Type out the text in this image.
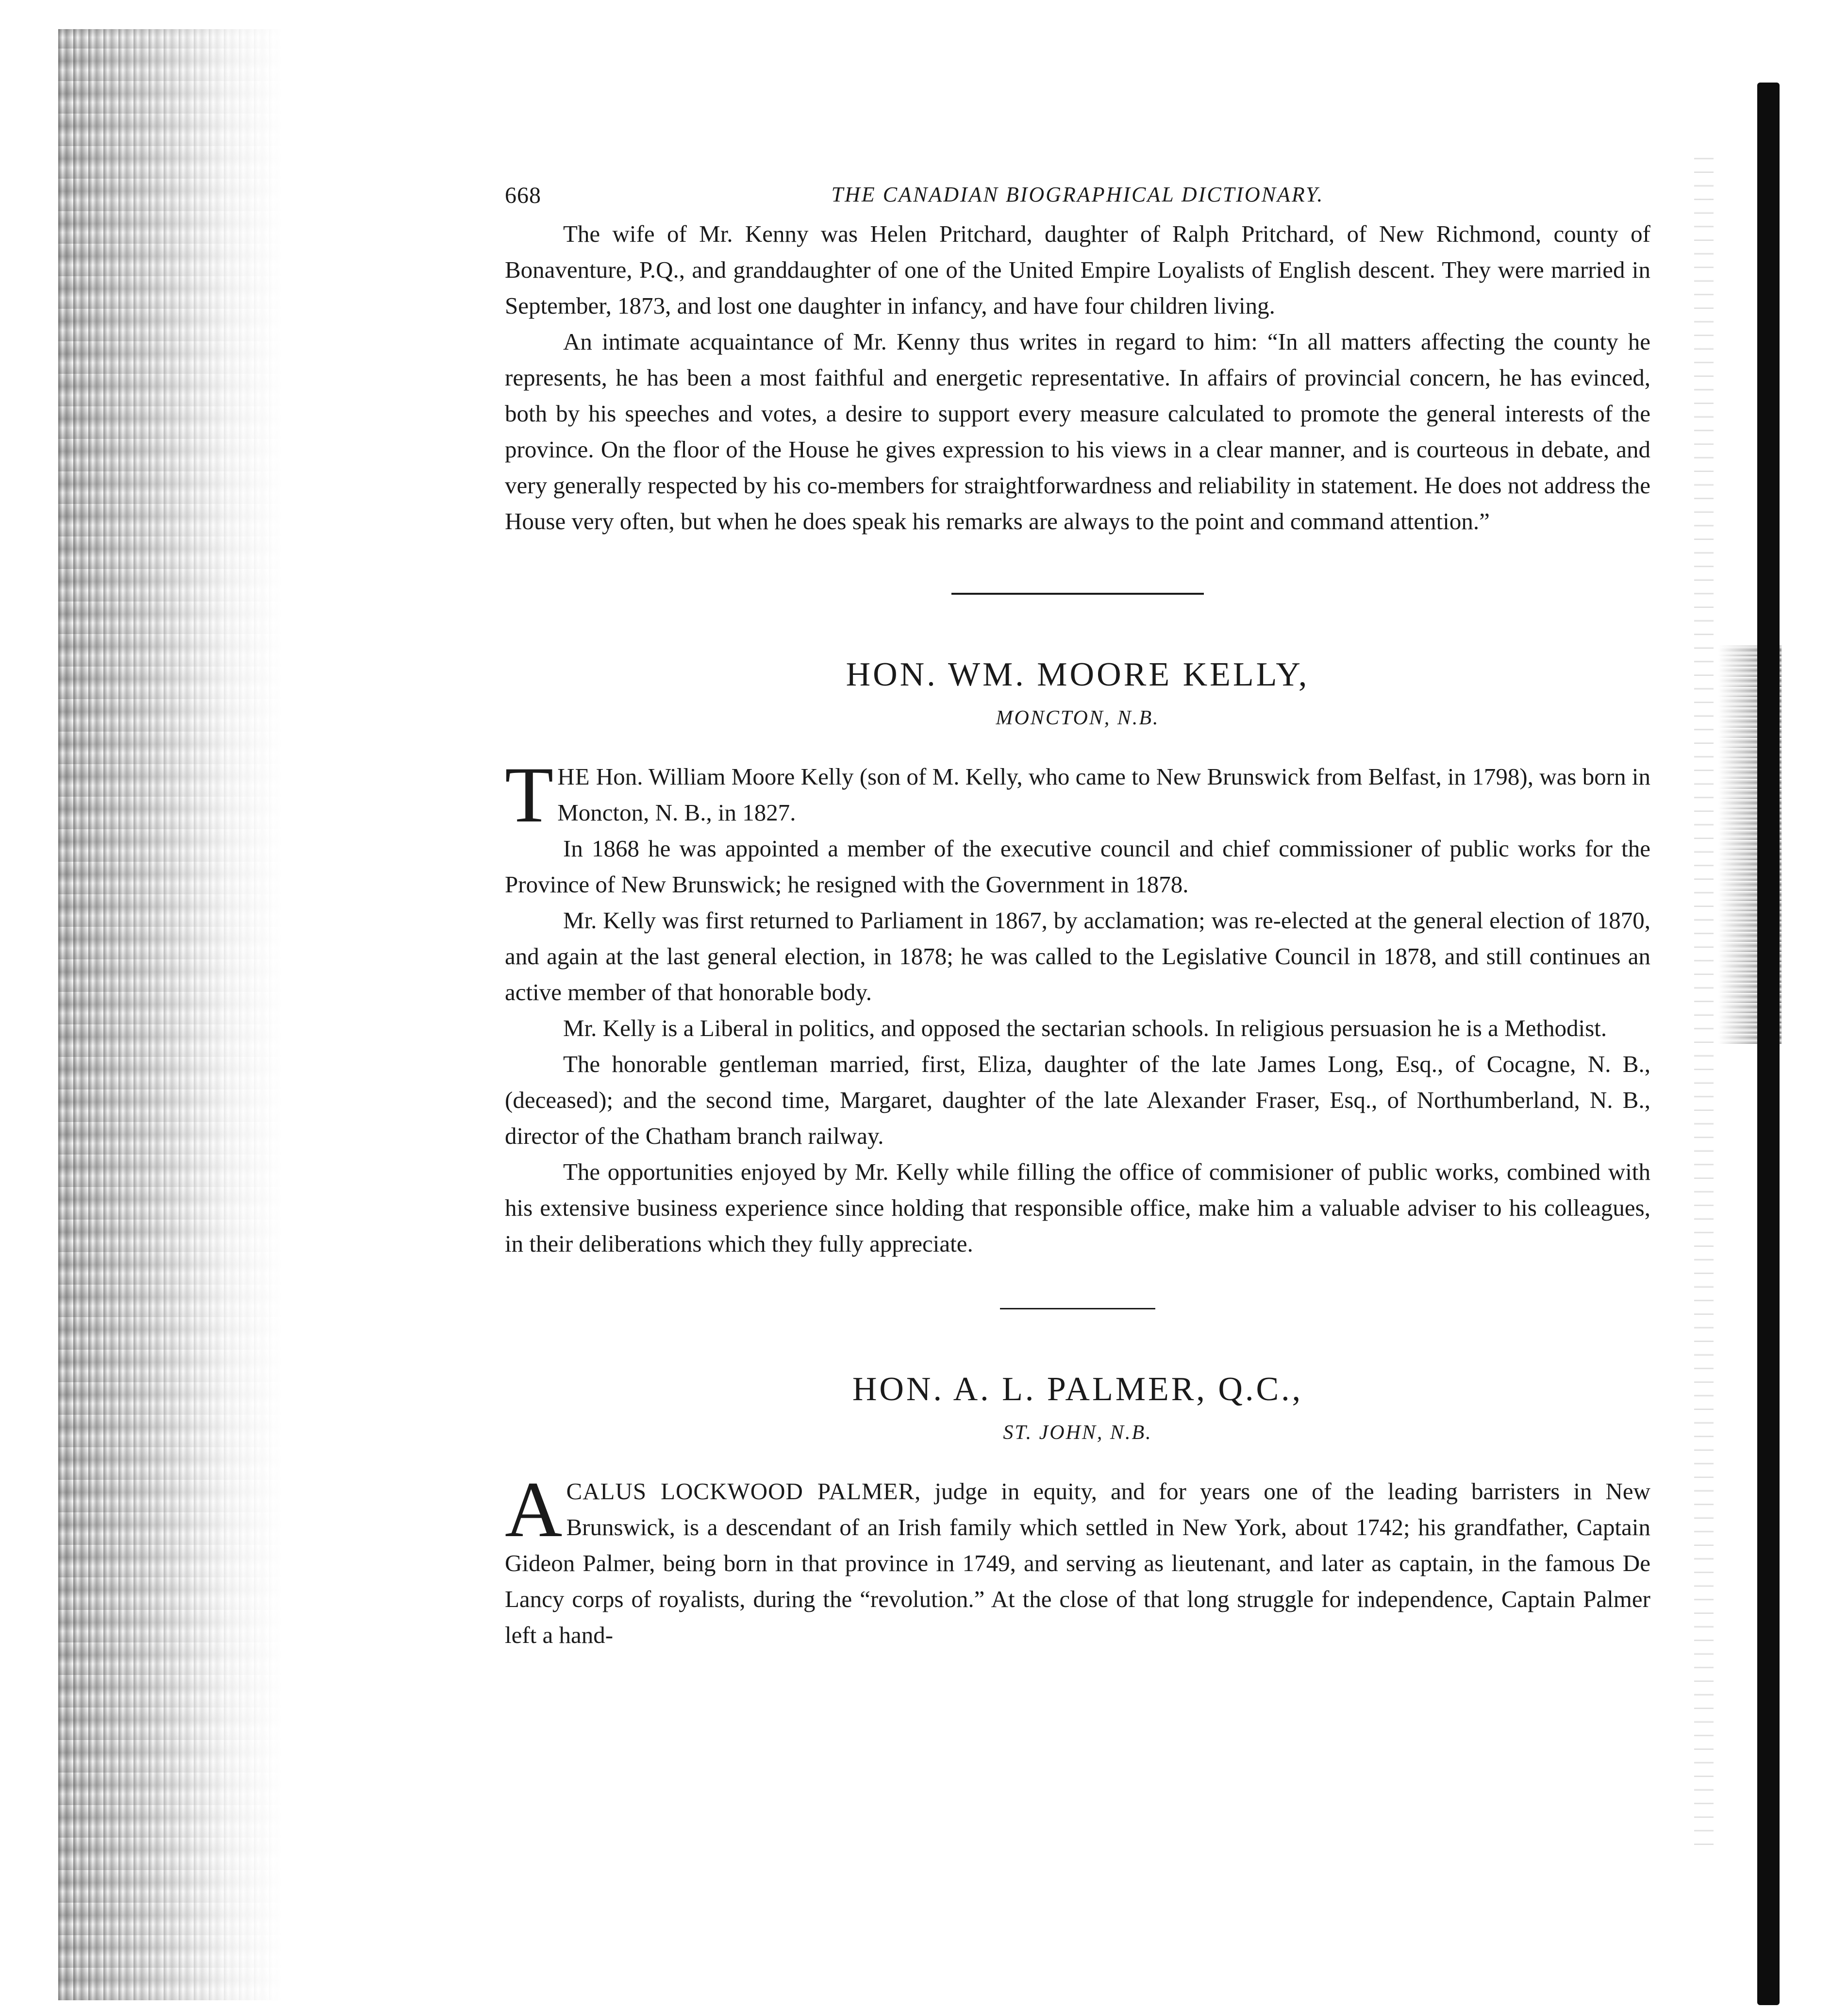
668	THE CANADIAN BIOGRAPHICAL DICTIONARY.

The wife of Mr. Kenny was Helen Pritchard, daughter of Ralph Pritchard, of New Richmond, county of Bonaventure, P.Q., and granddaughter of one of the United Empire Loyalists of English descent. They were married in September, 1873, and lost one daughter in infancy, and have four children living.

An intimate acquaintance of Mr. Kenny thus writes in regard to him: “In all matters affecting the county he represents, he has been a most faithful and energetic representative. In affairs of provincial concern, he has evinced, both by his speeches and votes, a desire to support every measure calculated to promote the general interests of the province. On the floor of the House he gives expression to his views in a clear manner, and is courteous in debate, and very generally respected by his co-members for straightforwardness and reliability in statement. He does not address the House very often, but when he does speak his remarks are always to the point and command attention.”

HON. WM. MOORE KELLY,
MONCTON, N.B.

THE Hon. William Moore Kelly (son of M. Kelly, who came to New Brunswick from Belfast, in 1798), was born in Moncton, N. B., in 1827.

In 1868 he was appointed a member of the executive council and chief commissioner of public works for the Province of New Brunswick; he resigned with the Government in 1878.

Mr. Kelly was first returned to Parliament in 1867, by acclamation; was re-elected at the general election of 1870, and again at the last general election, in 1878; he was called to the Legislative Council in 1878, and still continues an active member of that honorable body.

Mr. Kelly is a Liberal in politics, and opposed the sectarian schools. In religious persuasion he is a Methodist.

The honorable gentleman married, first, Eliza, daughter of the late James Long, Esq., of Cocagne, N. B., (deceased); and the second time, Margaret, daughter of the late Alexander Fraser, Esq., of Northumberland, N. B., director of the Chatham branch railway.

The opportunities enjoyed by Mr. Kelly while filling the office of commisioner of public works, combined with his extensive business experience since holding that responsible office, make him a valuable adviser to his colleagues, in their deliberations which they fully appreciate.

HON. A. L. PALMER, Q.C.,
ST. JOHN, N.B.

ACALUS LOCKWOOD PALMER, judge in equity, and for years one of the leading barristers in New Brunswick, is a descendant of an Irish family which settled in New York, about 1742; his grandfather, Captain Gideon Palmer, being born in that province in 1749, and serving as lieutenant, and later as captain, in the famous De Lancy corps of royalists, during the “revolution.” At the close of that long struggle for independence, Captain Palmer left a hand-
